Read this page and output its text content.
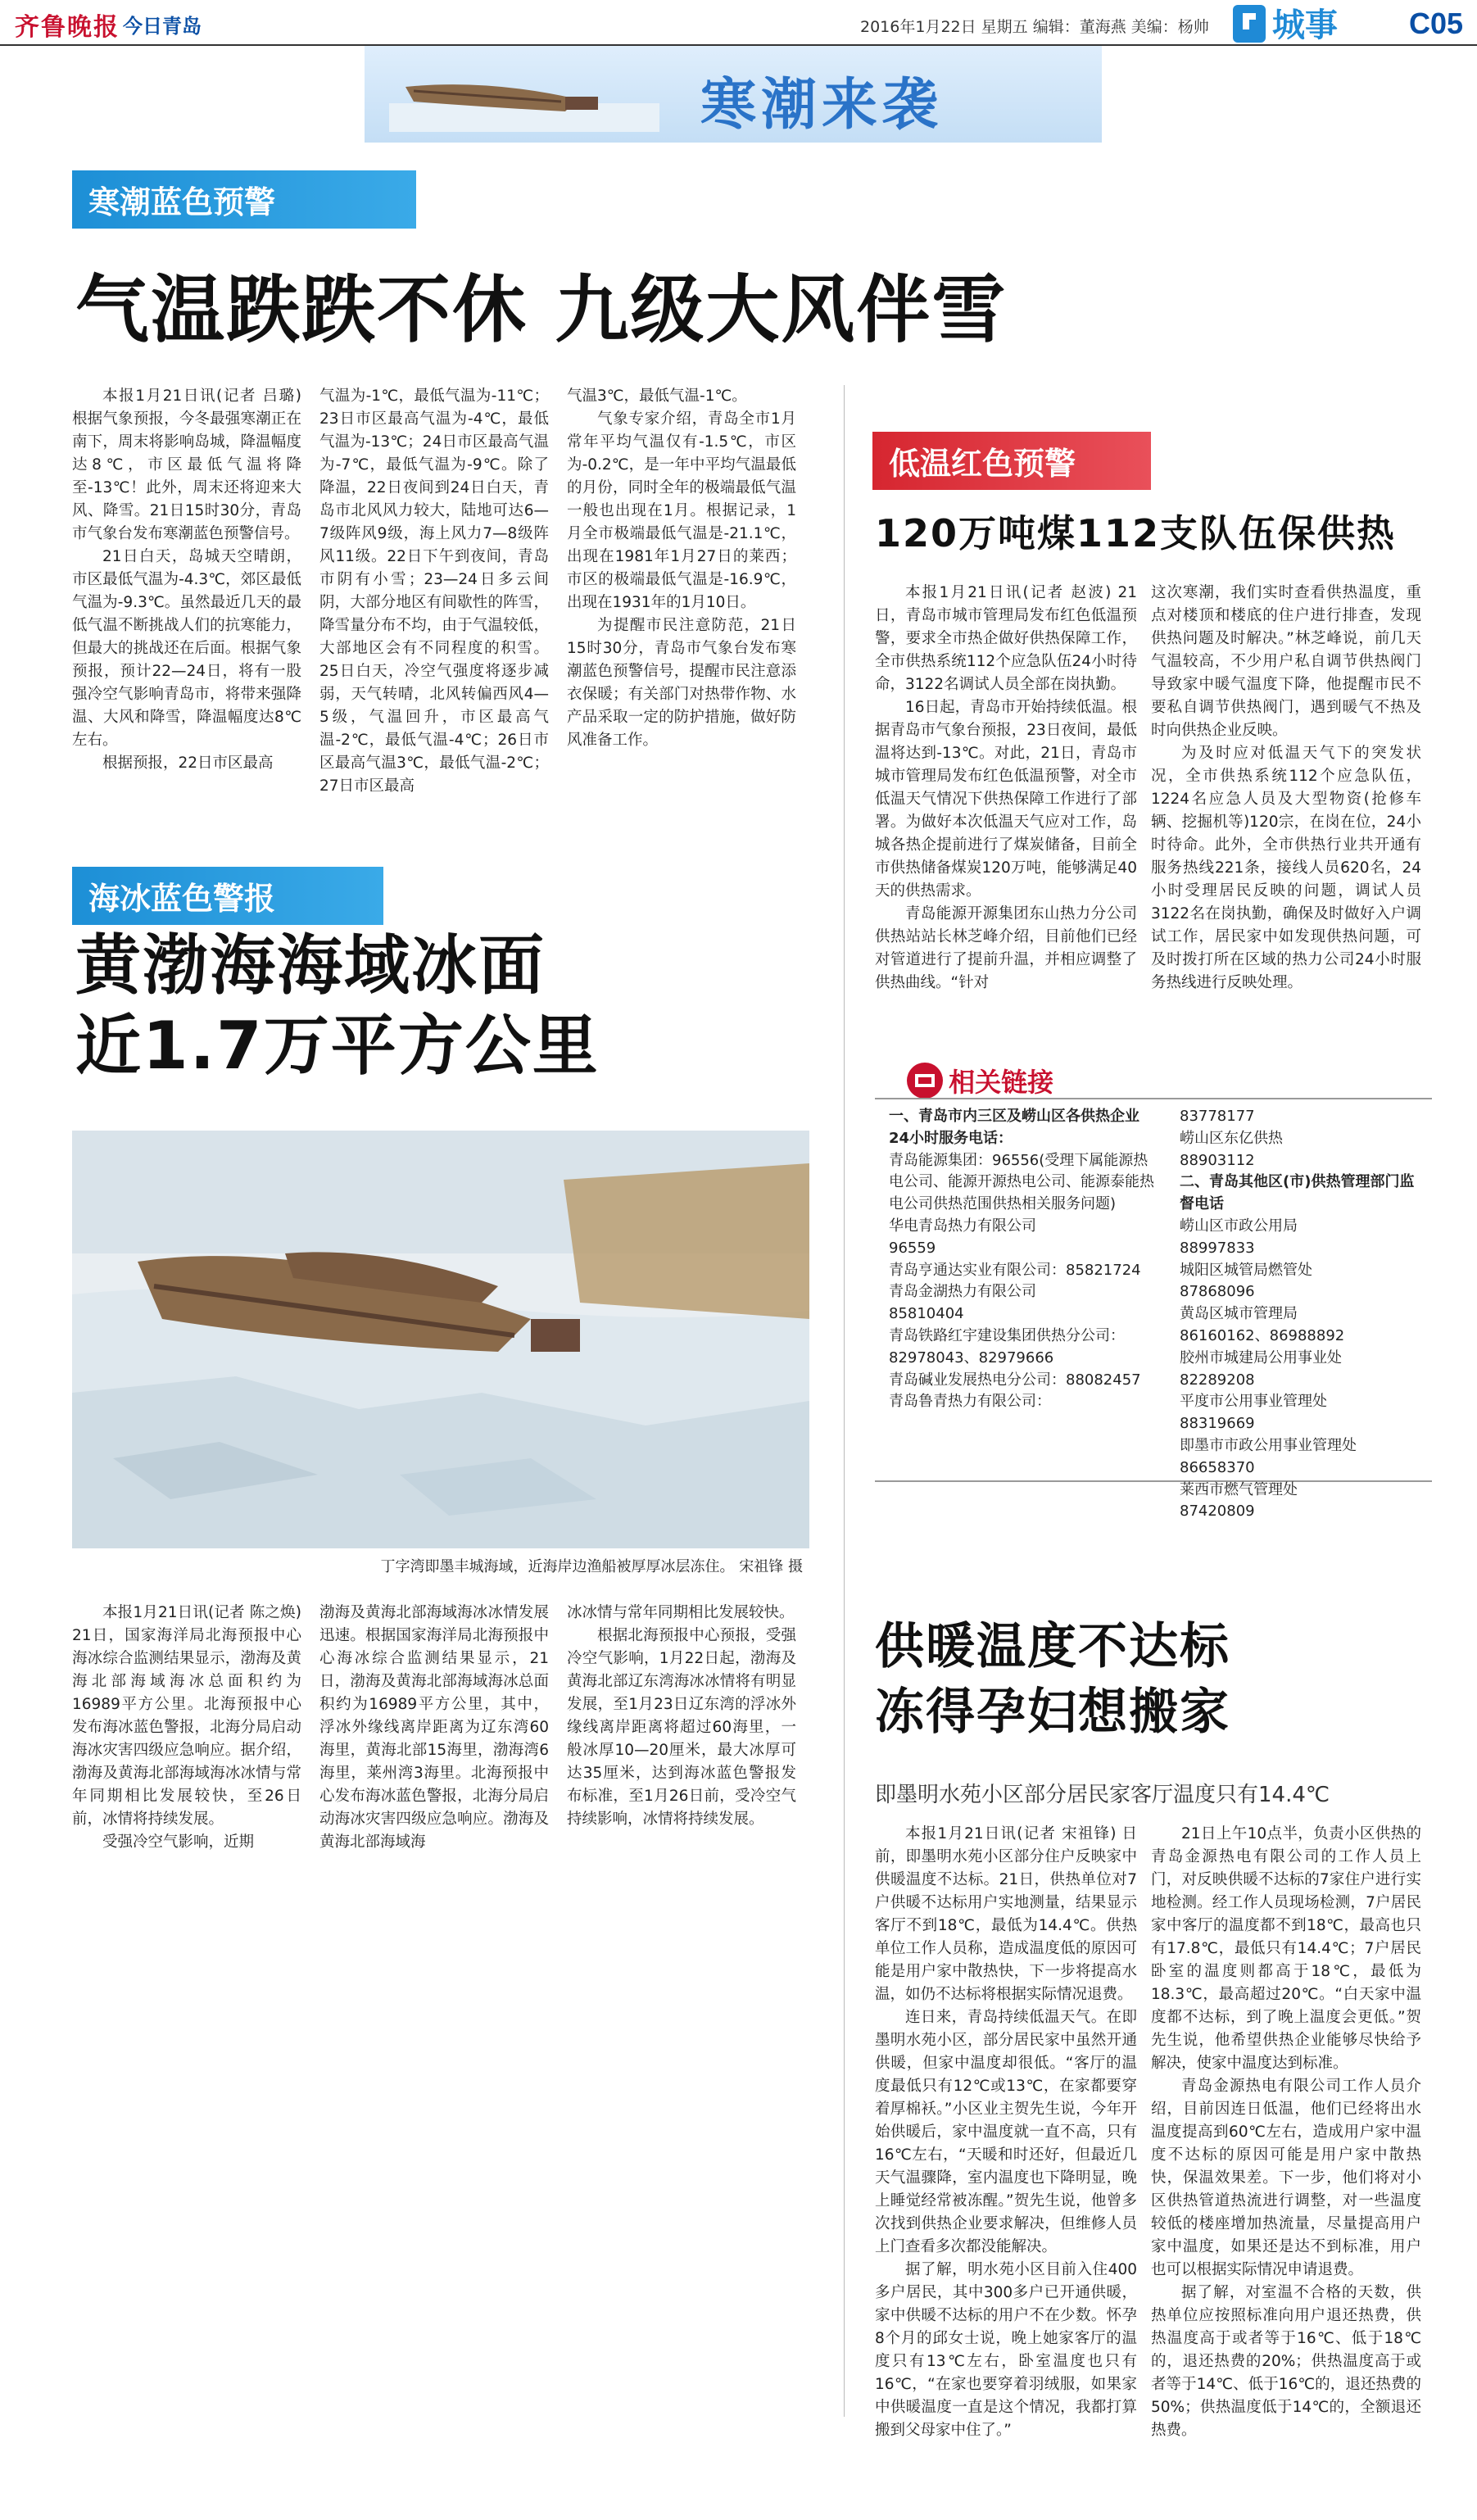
齐鲁晚报 今日青岛	2016年1月22日 星期五 编辑：董海燕 美编：杨帅 城事 C05
寒潮来袭
寒潮蓝色预警
气温跌跌不休 九级大风伴雪

本报1月21日讯(记者 吕璐) 根据气象预报，今冬最强寒潮正在南下，周末将影响岛城，降温幅度达8℃，市区最低气温将降至-13℃！此外，周末还将迎来大风、降雪。21日15时30分，青岛市气象台发布寒潮蓝色预警信号。

21日白天，岛城天空晴朗，市区最低气温为-4.3℃，郊区最低气温为-9.3℃。虽然最近几天的最低气温不断挑战人们的抗寒能力，但最大的挑战还在后面。根据气象预报，预计22—24日，将有一股强冷空气影响青岛市，将带来强降温、大风和降雪，降温幅度达8℃左右。

根据预报，22日市区最高

气温为-1℃，最低气温为-11℃；23日市区最高气温为-4℃，最低气温为-13℃；24日市区最高气温为-7℃，最低气温为-9℃。除了降温，22日夜间到24日白天，青岛市北风风力较大，陆地可达6—7级阵风9级，海上风力7—8级阵风11级。22日下午到夜间，青岛市阴有小雪；23—24日多云间阴，大部分地区有间歇性的阵雪，降雪量分布不均，由于气温较低，大部地区会有不同程度的积雪。25日白天，冷空气强度将逐步减弱，天气转晴，北风转偏西风4—5级，气温回升，市区最高气温-2℃，最低气温-4℃；26日市区最高气温3℃，最低气温-2℃；27日市区最高

气温3℃，最低气温-1℃。

气象专家介绍，青岛全市1月常年平均气温仅有-1.5℃，市区为-0.2℃，是一年中平均气温最低的月份，同时全年的极端最低气温一般也出现在1月。根据记录，1月全市极端最低气温是-21.1℃，出现在1981年1月27日的莱西；市区的极端最低气温是-16.9℃，出现在1931年的1月10日。

为提醒市民注意防范，21日15时30分，青岛市气象台发布寒潮蓝色预警信号，提醒市民注意添衣保暖；有关部门对热带作物、水产品采取一定的防护措施，做好防风准备工作。

海冰蓝色警报
黄渤海海域冰面
近1.7万平方公里
丁字湾即墨丰城海域，近海岸边渔船被厚厚冰层冻住。 宋祖锋 摄

本报1月21日讯(记者 陈之焕) 21日，国家海洋局北海预报中心海冰综合监测结果显示，渤海及黄海北部海域海冰总面积约为16989平方公里。北海预报中心发布海冰蓝色警报，北海分局启动海冰灾害四级应急响应。据介绍，渤海及黄海北部海域海冰冰情与常年同期相比发展较快，至26日前，冰情将持续发展。

受强冷空气影响，近期

渤海及黄海北部海域海冰冰情发展迅速。根据国家海洋局北海预报中心海冰综合监测结果显示，21日，渤海及黄海北部海域海冰总面积约为16989平方公里，其中，浮冰外缘线离岸距离为辽东湾60海里，黄海北部15海里，渤海湾6海里，莱州湾3海里。北海预报中心发布海冰蓝色警报，北海分局启动海冰灾害四级应急响应。渤海及黄海北部海域海

冰冰情与常年同期相比发展较快。

根据北海预报中心预报，受强冷空气影响，1月22日起，渤海及黄海北部辽东湾海冰冰情将有明显发展，至1月23日辽东湾的浮冰外缘线离岸距离将超过60海里，一般冰厚10—20厘米，最大冰厚可达35厘米，达到海冰蓝色警报发布标准，至1月26日前，受冷空气持续影响，冰情将持续发展。

低温红色预警
120万吨煤112支队伍保供热

本报1月21日讯(记者 赵波) 21日，青岛市城市管理局发布红色低温预警，要求全市热企做好供热保障工作，全市供热系统112个应急队伍24小时待命，3122名调试人员全部在岗执勤。

16日起，青岛市开始持续低温。根据青岛市气象台预报，23日夜间，最低温将达到-13℃。对此，21日，青岛市城市管理局发布红色低温预警，对全市低温天气情况下供热保障工作进行了部署。为做好本次低温天气应对工作，岛城各热企提前进行了煤炭储备，目前全市供热储备煤炭120万吨，能够满足40天的供热需求。

青岛能源开源集团东山热力分公司供热站站长林芝峰介绍，目前他们已经对管道进行了提前升温，并相应调整了供热曲线。“针对

这次寒潮，我们实时查看供热温度，重点对楼顶和楼底的住户进行排查，发现供热问题及时解决。”林芝峰说，前几天气温较高，不少用户私自调节供热阀门导致家中暖气温度下降，他提醒市民不要私自调节供热阀门，遇到暖气不热及时向供热企业反映。

为及时应对低温天气下的突发状况，全市供热系统112个应急队伍，1224名应急人员及大型物资(抢修车辆、挖掘机等)120宗，在岗在位，24小时待命。此外，全市供热行业共开通有服务热线221条，接线人员620名，24小时受理居民反映的问题，调试人员3122名在岗执勤，确保及时做好入户调试工作，居民家中如发现供热问题，可及时拨打所在区域的热力公司24小时服务热线进行反映处理。

相关链接
一、青岛市内三区及崂山区各供热企业24小时服务电话：
青岛能源集团：96556(受理下属能源热电公司、能源开源热电公司、能源泰能热电公司供热范围供热相关服务问题)
华电青岛热力有限公司
96559
青岛亨通达实业有限公司：85821724
青岛金湖热力有限公司
85810404
青岛铁路红宇建设集团供热分公司：82978043、82979666
青岛碱业发展热电分公司：88082457
青岛鲁青热力有限公司：
83778177
崂山区东亿供热
88903112
二、青岛其他区(市)供热管理部门监督电话
崂山区市政公用局
88997833
城阳区城管局燃管处
87868096
黄岛区城市管理局
86160162、86988892
胶州市城建局公用事业处
82289208
平度市公用事业管理处
88319669
即墨市市政公用事业管理处86658370
莱西市燃气管理处
87420809
供暖温度不达标
冻得孕妇想搬家
即墨明水苑小区部分居民家客厅温度只有14.4℃

本报1月21日讯(记者 宋祖锋) 日前，即墨明水苑小区部分住户反映家中供暖温度不达标。21日，供热单位对7户供暖不达标用户实地测量，结果显示客厅不到18℃，最低为14.4℃。供热单位工作人员称，造成温度低的原因可能是用户家中散热快，下一步将提高水温，如仍不达标将根据实际情况退费。

连日来，青岛持续低温天气。在即墨明水苑小区，部分居民家中虽然开通供暖，但家中温度却很低。“客厅的温度最低只有12℃或13℃，在家都要穿着厚棉袄。”小区业主贺先生说，今年开始供暖后，家中温度就一直不高，只有16℃左右，“天暖和时还好，但最近几天气温骤降，室内温度也下降明显，晚上睡觉经常被冻醒。”贺先生说，他曾多次找到供热企业要求解决，但维修人员上门查看多次都没能解决。

据了解，明水苑小区目前入住400多户居民，其中300多户已开通供暖，家中供暖不达标的用户不在少数。怀孕8个月的邱女士说，晚上她家客厅的温度只有13℃左右，卧室温度也只有16℃，“在家也要穿着羽绒服，如果家中供暖温度一直是这个情况，我都打算搬到父母家中住了。”

21日上午10点半，负责小区供热的青岛金源热电有限公司的工作人员上门，对反映供暖不达标的7家住户进行实地检测。经工作人员现场检测，7户居民家中客厅的温度都不到18℃，最高也只有17.8℃，最低只有14.4℃；7户居民卧室的温度则都高于18℃，最低为18.3℃，最高超过20℃。“白天家中温度都不达标，到了晚上温度会更低。”贺先生说，他希望供热企业能够尽快给予解决，使家中温度达到标准。

青岛金源热电有限公司工作人员介绍，目前因连日低温，他们已经将出水温度提高到60℃左右，造成用户家中温度不达标的原因可能是用户家中散热快，保温效果差。下一步，他们将对小区供热管道热流进行调整，对一些温度较低的楼座增加热流量，尽量提高用户家中温度，如果还是达不到标准，用户也可以根据实际情况申请退费。

据了解，对室温不合格的天数，供热单位应按照标准向用户退还热费，供热温度高于或者等于16℃、低于18℃的，退还热费的20%；供热温度高于或者等于14℃、低于16℃的，退还热费的50%；供热温度低于14℃的，全额退还热费。
